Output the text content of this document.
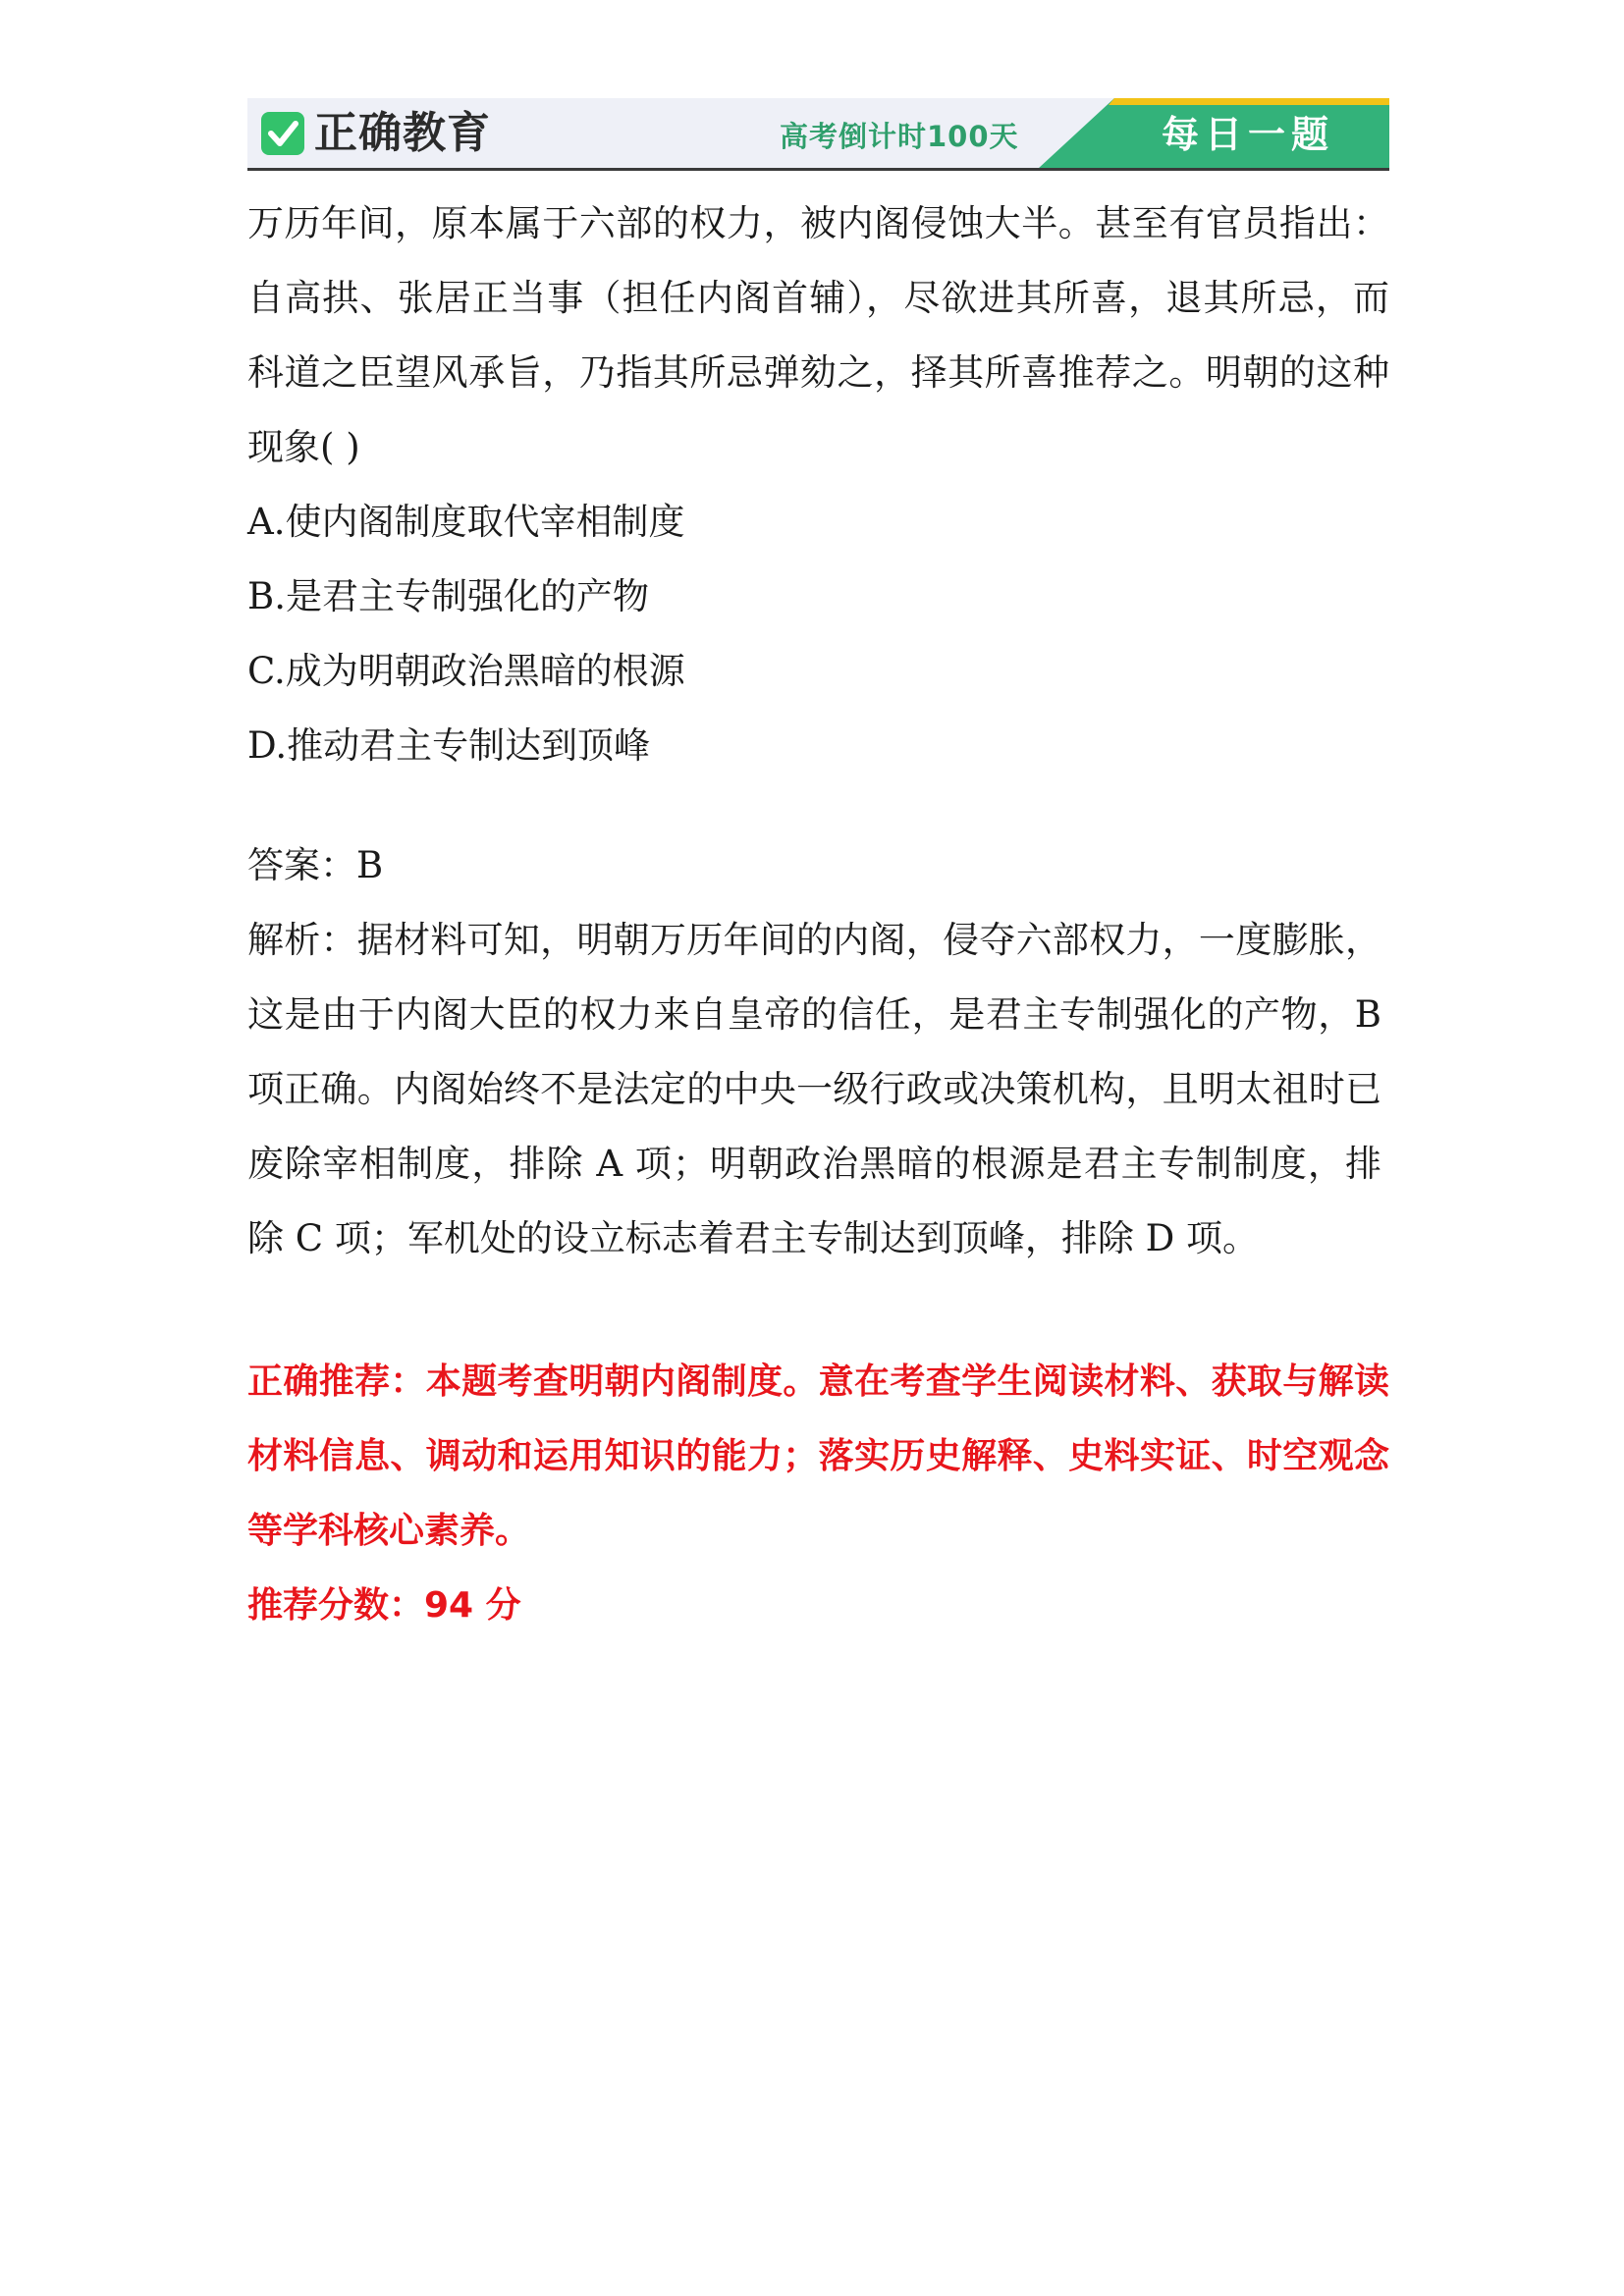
正确教育	高考倒计时100天	每日一题

万历年间，原本属于六部的权力，被内阁侵蚀大半。甚至有官员指出：自高拱、张居正当事（担任内阁首辅），尽欲进其所喜，退其所忌，而科道之臣望风承旨，乃指其所忌弹劾之，择其所喜推荐之。明朝的这种现象( )

A.使内阁制度取代宰相制度

B.是君主专制强化的产物

C.成为明朝政治黑暗的根源

D.推动君主专制达到顶峰

答案：B

解析：据材料可知，明朝万历年间的内阁，侵夺六部权力，一度膨胀，这是由于内阁大臣的权力来自皇帝的信任，是君主专制强化的产物，B 项正确。内阁始终不是法定的中央一级行政或决策机构，且明太祖时已废除宰相制度，排除 A 项；明朝政治黑暗的根源是君主专制制度，排除 C 项；军机处的设立标志着君主专制达到顶峰，排除 D 项。

正确推荐：本题考查明朝内阁制度。意在考查学生阅读材料、获取与解读材料信息、调动和运用知识的能力；落实历史解释、史料实证、时空观念等学科核心素养。

推荐分数：94 分
